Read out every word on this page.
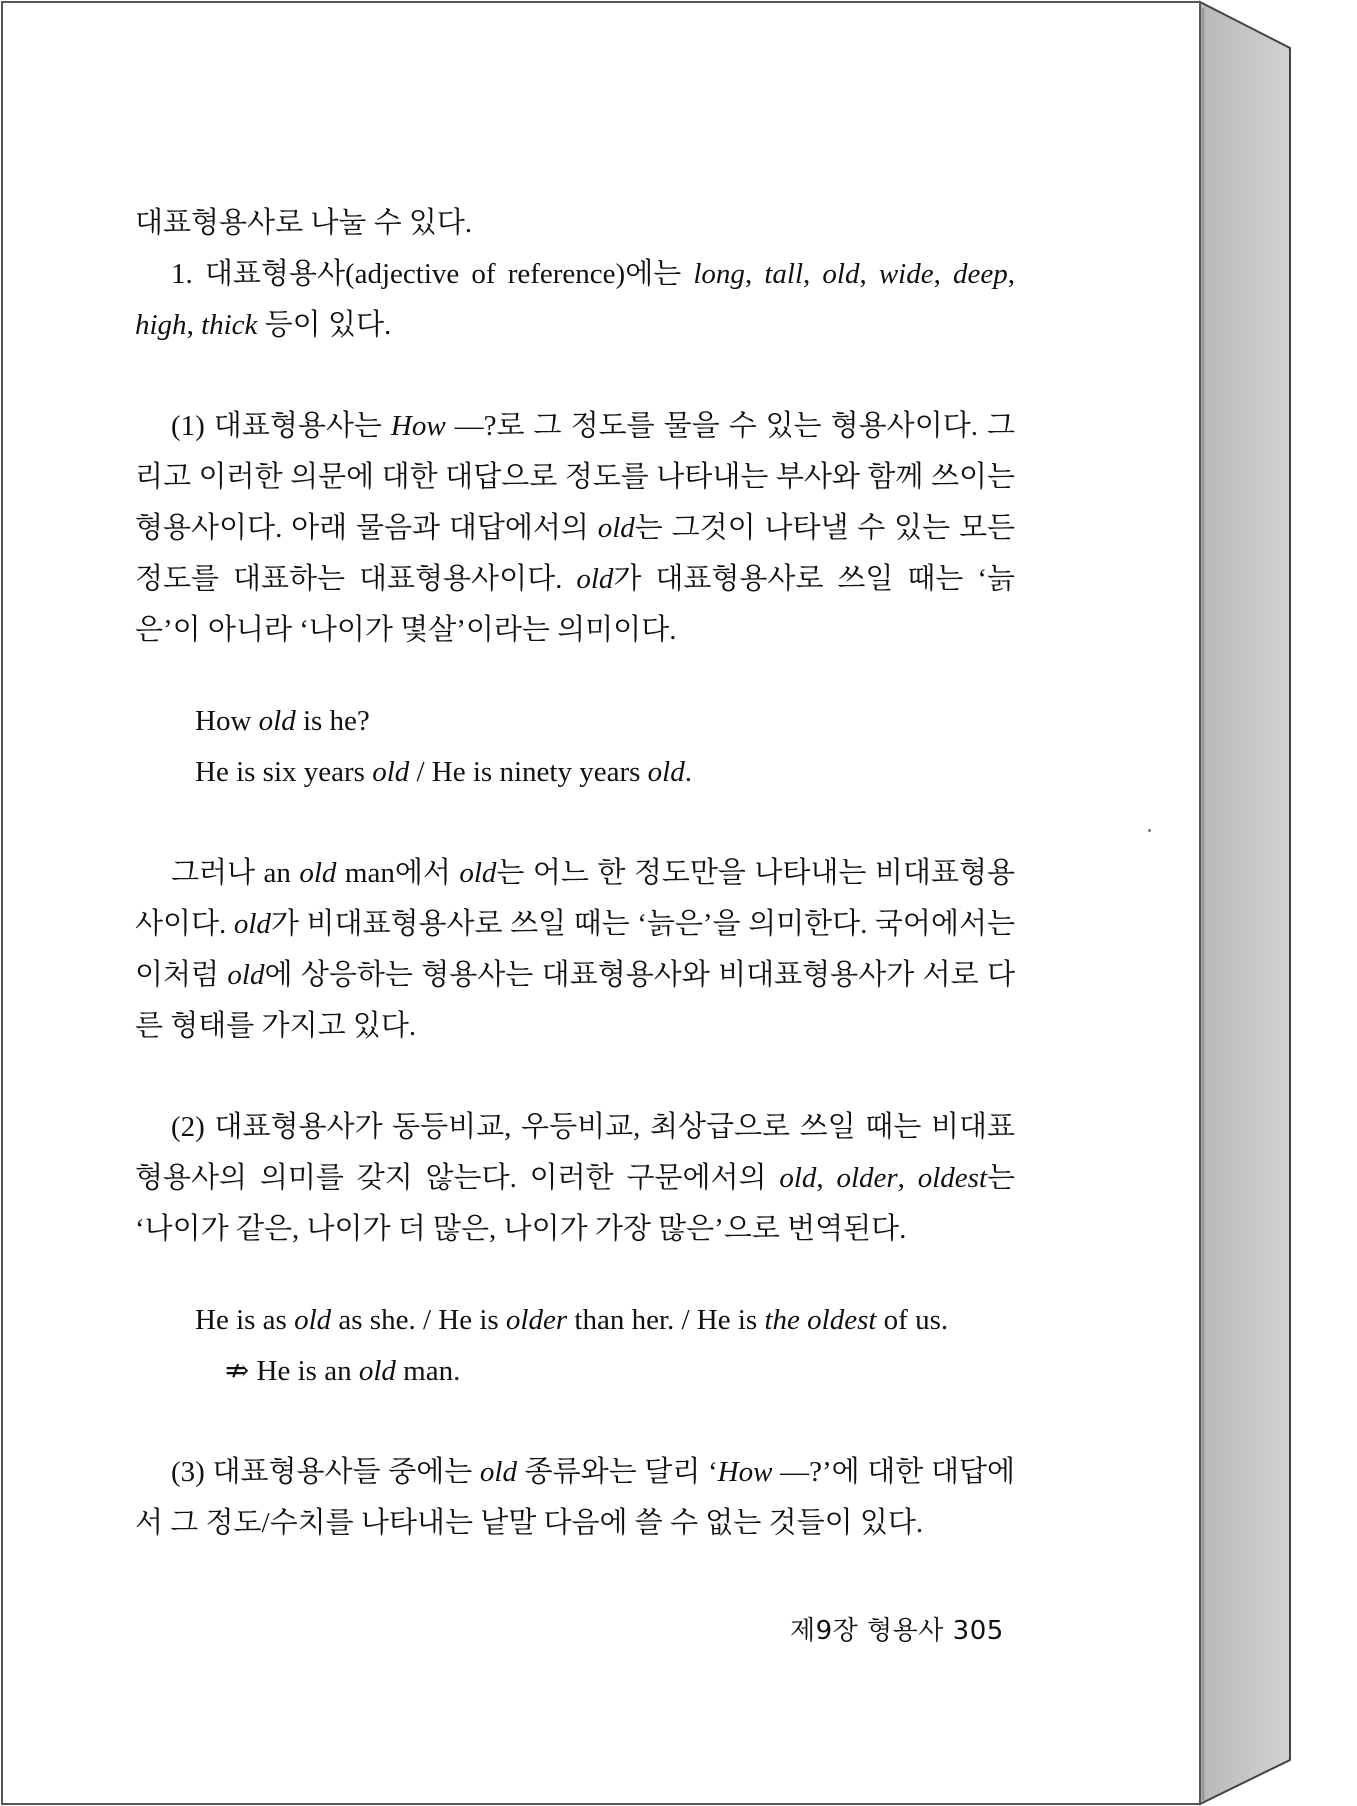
대표형용사로 나눌 수 있다.

1. 대표형용사(adjective of reference)에는 long, tall, old, wide, deep, high, thick 등이 있다.

(1) 대표형용사는 How —?로 그 정도를 물을 수 있는 형용사이다. 그리고 이러한 의문에 대한 대답으로 정도를 나타내는 부사와 함께 쓰이는 형용사이다. 아래 물음과 대답에서의 old는 그것이 나타낼 수 있는 모든 정도를 대표하는 대표형용사이다. old가 대표형용사로 쓰일 때는 ‘늙은’이 아니라 ‘나이가 몇살’이라는 의미이다.

How old is he?

He is six years old / He is ninety years old.

그러나 an old man에서 old는 어느 한 정도만을 나타내는 비대표형용사이다. old가 비대표형용사로 쓰일 때는 ‘늙은’을 의미한다. 국어에서는 이처럼 old에 상응하는 형용사는 대표형용사와 비대표형용사가 서로 다른 형태를 가지고 있다.

(2) 대표형용사가 동등비교, 우등비교, 최상급으로 쓰일 때는 비대표형용사의 의미를 갖지 않는다. 이러한 구문에서의 old, older, oldest는 ‘나이가 같은, 나이가 더 많은, 나이가 가장 많은’으로 번역된다.

He is as old as she. / He is older than her. / He is the oldest of us.

⇏ He is an old man.

(3) 대표형용사들 중에는 old 종류와는 달리 ‘How —?’에 대한 대답에서 그 정도/수치를 나타내는 낱말 다음에 쓸 수 없는 것들이 있다.

제9장 형용사 305
